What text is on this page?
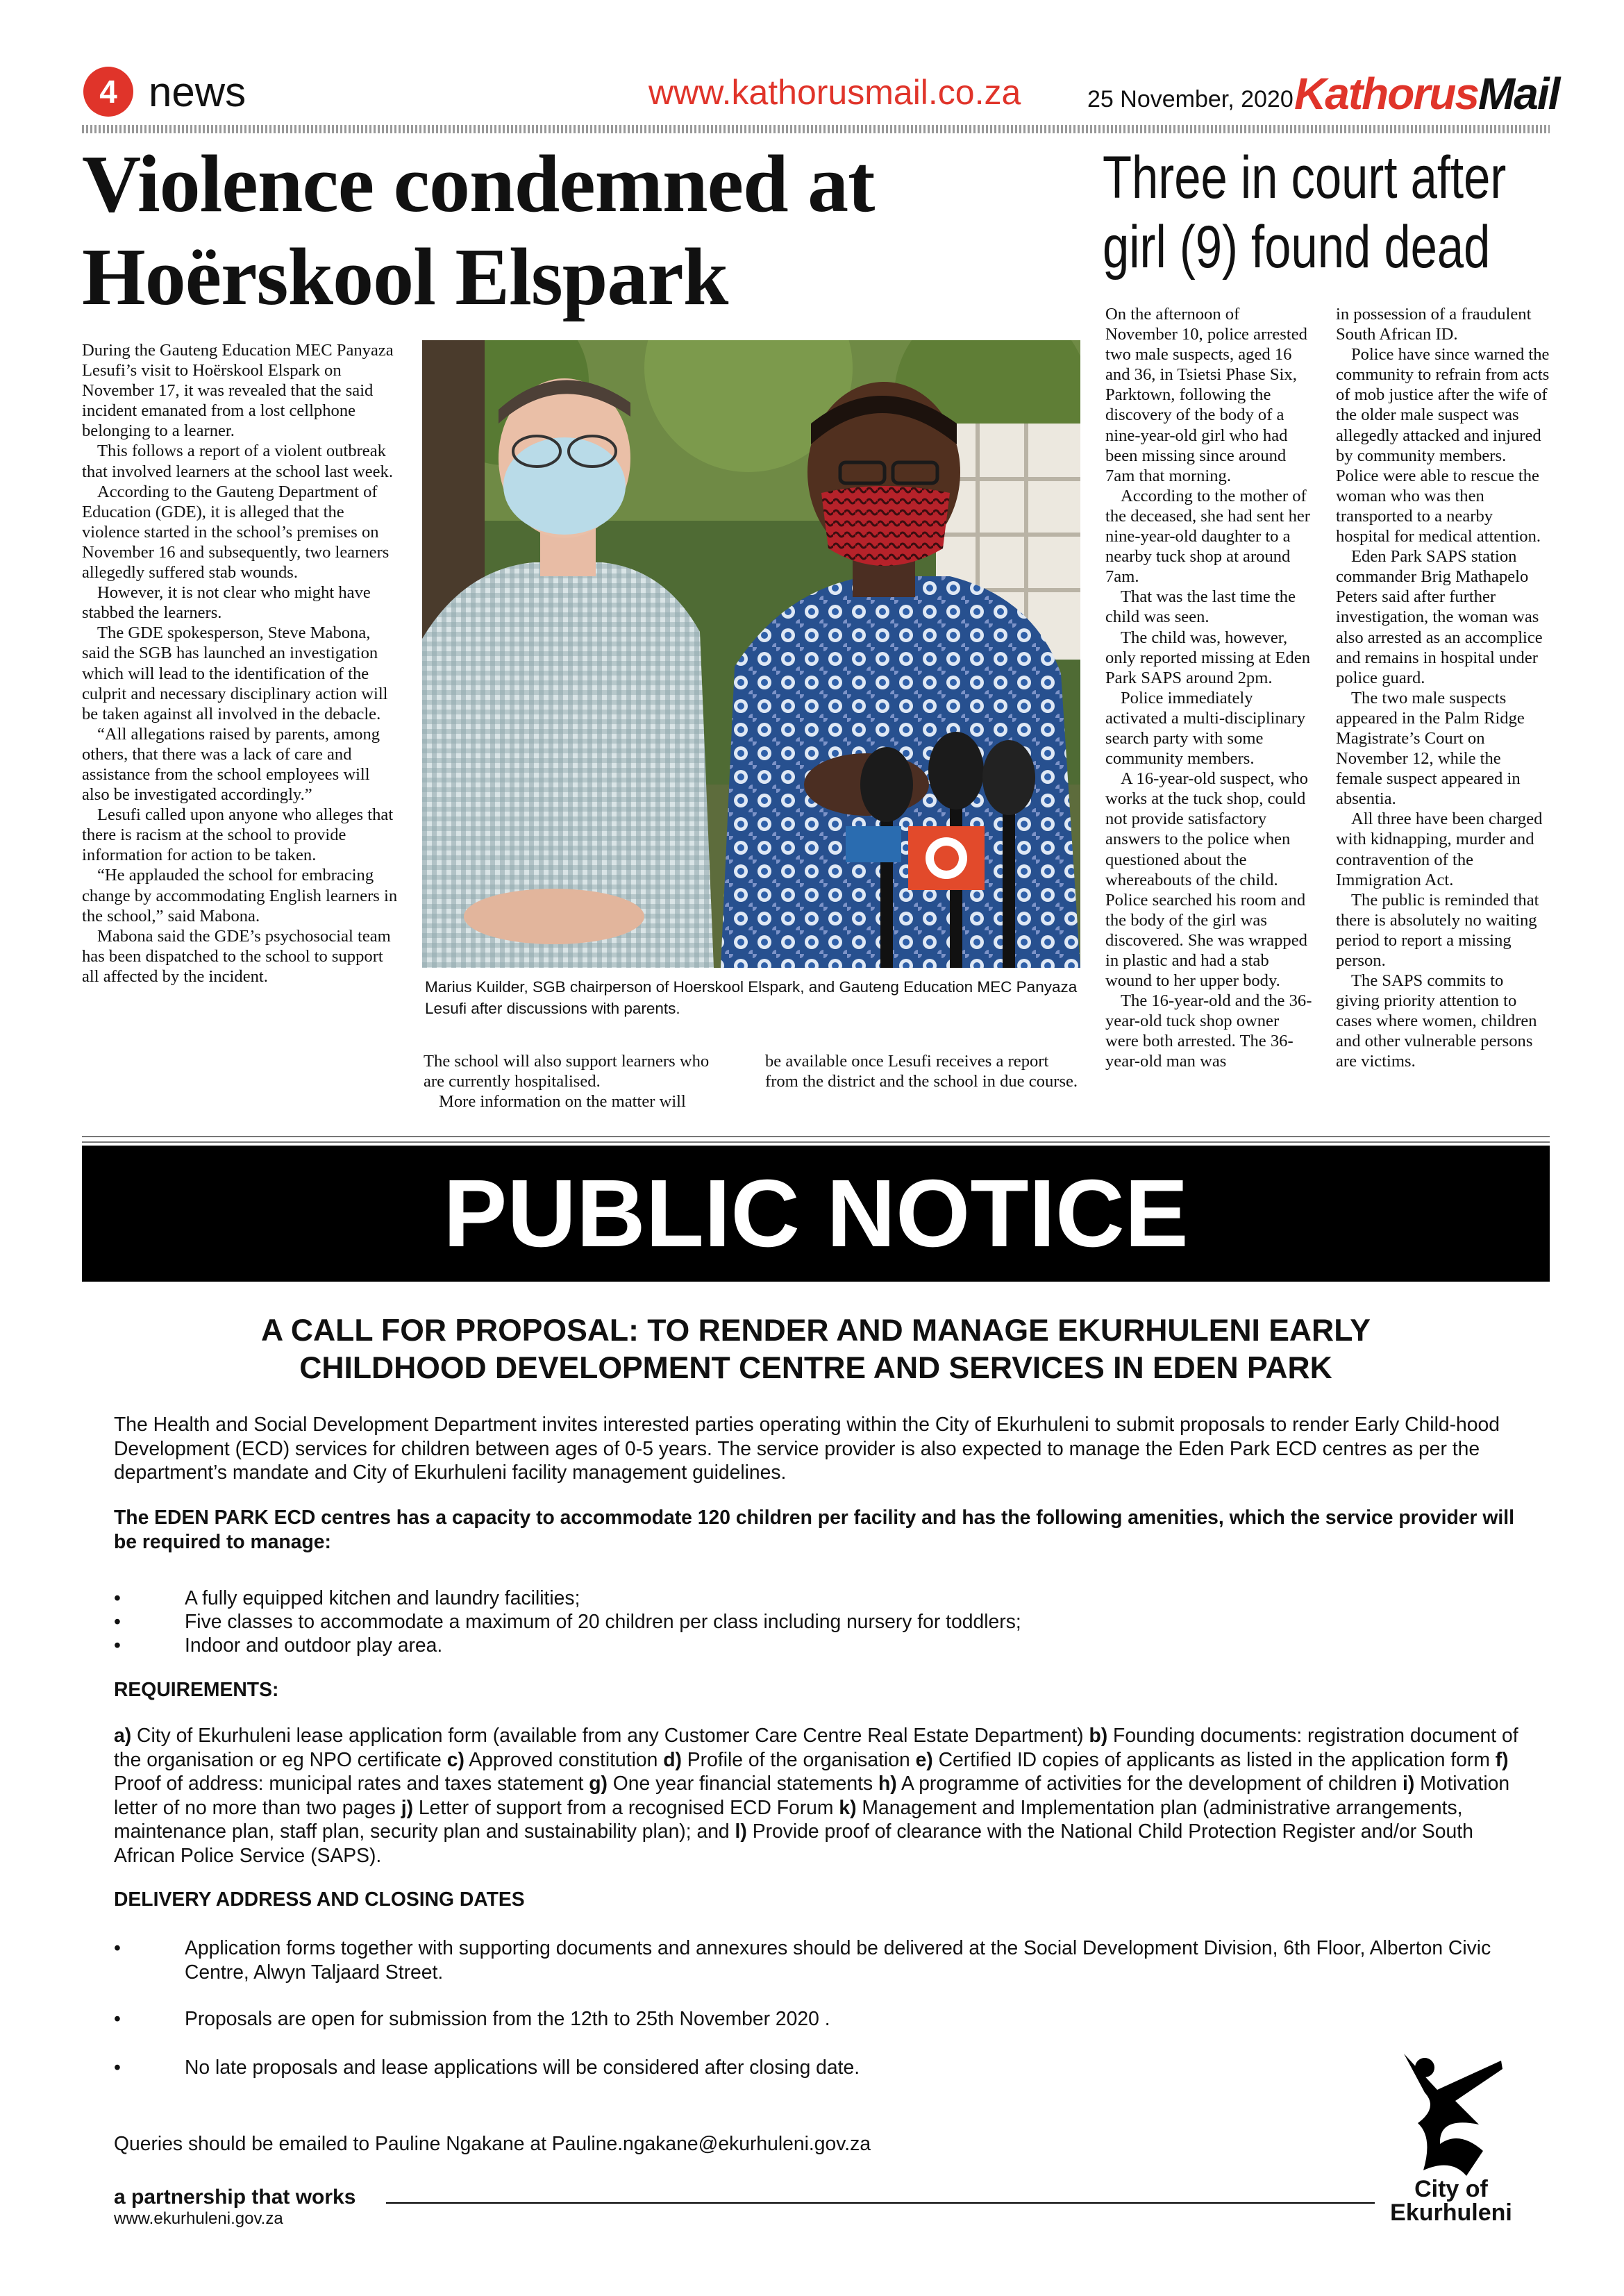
4 news	www.kathorusmail.co.za	25 November, 2020 KathorusMail
Violence condemned at
Hoërskool Elspark

During the Gauteng Education MEC Panyaza Lesufi’s visit to Hoërskool Elspark on November 17, it was revealed that the said incident emanated from a lost cellphone belonging to a learner.

This follows a report of a violent outbreak that involved learners at the school last week.

According to the Gauteng Department of Education (GDE), it is alleged that the violence started in the school’s premises on November 16 and subsequently, two learners allegedly suffered stab wounds.

However, it is not clear who might have stabbed the learners.

The GDE spokesperson, Steve Mabona, said the SGB has launched an investigation which will lead to the identification of the culprit and necessary disciplinary action will be taken against all involved in the debacle.

“All allegations raised by parents, among others, that there was a lack of care and assistance from the school employees will also be investigated accordingly.”

Lesufi called upon anyone who alleges that there is racism at the school to provide information for action to be taken.

“He applauded the school for embracing change by accommodating English learners in the school,” said Mabona.

Mabona said the GDE’s psychosocial team has been dispatched to the school to support all affected by the incident.

Marius Kuilder, SGB chairperson of Hoerskool Elspark, and Gauteng Education MEC Panyaza Lesufi after discussions with parents.

The school will also support learners who are currently hospitalised.

More information on the matter will

be available once Lesufi receives a report from the district and the school in due course.

Three in court after
girl (9) found dead

On the afternoon of November 10, police arrested two male suspects, aged 16 and 36, in Tsietsi Phase Six, Parktown, following the discovery of the body of a nine-year-old girl who had been missing since around 7am that morning.

According to the mother of the deceased, she had sent her nine-year-old daughter to a nearby tuck shop at around 7am.

That was the last time the child was seen.

The child was, however, only reported missing at Eden Park SAPS around 2pm.

Police immediately activated a multi-disciplinary search party with some community members.

A 16-year-old suspect, who works at the tuck shop, could not provide satisfactory answers to the police when questioned about the whereabouts of the child. Police searched his room and the body of the girl was discovered. She was wrapped in plastic and had a stab wound to her upper body.

The 16-year-old and the 36-year-old tuck shop owner were both arrested. The 36-year-old man was

in possession of a fraudulent South African ID.

Police have since warned the community to refrain from acts of mob justice after the wife of the older male suspect was allegedly attacked and injured by community members. Police were able to rescue the woman who was then transported to a nearby hospital for medical attention.

Eden Park SAPS station commander Brig Mathapelo Peters said after further investigation, the woman was also arrested as an accomplice and remains in hospital under police guard.

The two male suspects appeared in the Palm Ridge Magistrate’s Court on November 12, while the female suspect appeared in absentia.

All three have been charged with kidnapping, murder and contravention of the Immigration Act.

The public is reminded that there is absolutely no waiting period to report a missing person.

The SAPS commits to giving priority attention to cases where women, children and other vulnerable persons are victims.

PUBLIC NOTICE
A CALL FOR PROPOSAL: TO RENDER AND MANAGE EKURHULENI EARLY
CHILDHOOD DEVELOPMENT CENTRE AND SERVICES IN EDEN PARK
The Health and Social Development Department invites interested parties operating within the City of Ekurhuleni to submit proposals to render Early Child-hood Development (ECD) services for children between ages of 0-5 years. The service provider is also expected to manage the Eden Park ECD centres as per the department’s mandate and City of Ekurhuleni facility management guidelines.
The EDEN PARK ECD centres has a capacity to accommodate 120 children per facility and has the following amenities, which the service provider will be required to manage:
•	A fully equipped kitchen and laundry facilities;
•	Five classes to accommodate a maximum of 20 children per class including nursery for toddlers;
•	Indoor and outdoor play area.
REQUIREMENTS:
a) City of Ekurhuleni lease application form (available from any Customer Care Centre Real Estate Department) b) Founding documents: registration document of the organisation or eg NPO certificate c) Approved constitution d) Profile of the organisation e) Certified ID copies of applicants as listed in the application form f) Proof of address: municipal rates and taxes statement g) One year financial statements h) A programme of activities for the development of children i) Motivation letter of no more than two pages j) Letter of support from a recognised ECD Forum k) Management and Implementation plan (administrative arrangements, maintenance plan, staff plan, security plan and sustainability plan); and l) Provide proof of clearance with the National Child Protection Register and/or South African Police Service (SAPS).
DELIVERY ADDRESS AND CLOSING DATES
•	Application forms together with supporting documents and annexures should be delivered at the Social Development Division, 6th Floor, Alberton Civic Centre, Alwyn Taljaard Street.
•	Proposals are open for submission from the 12th to 25th November 2020 .
•	No late proposals and lease applications will be considered after closing date.
Queries should be emailed to Pauline Ngakane at Pauline.ngakane@ekurhuleni.gov.za
a partnership that works
www.ekurhuleni.gov.za
City of
Ekurhuleni
